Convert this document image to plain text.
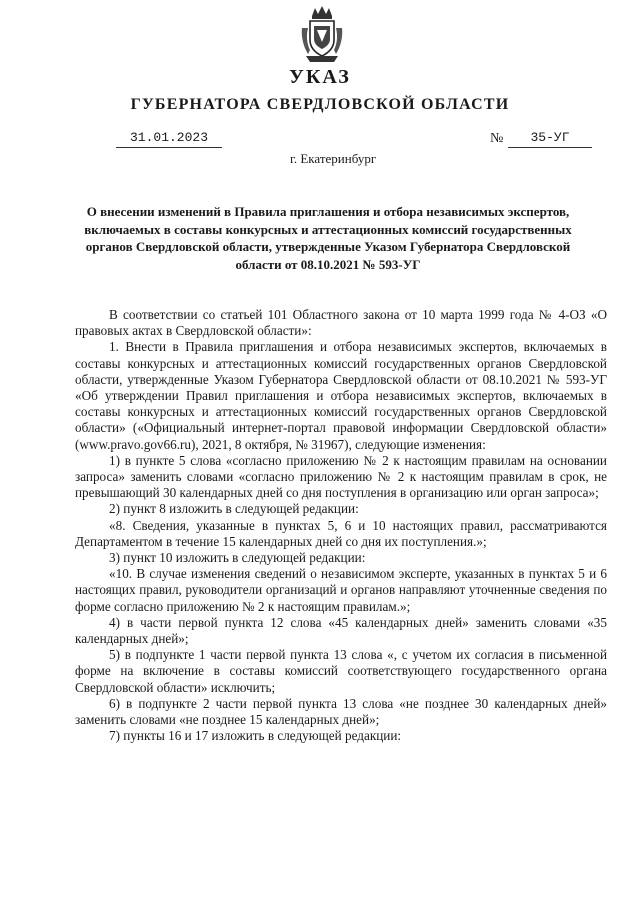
УКАЗ
ГУБЕРНАТОРА СВЕРДЛОВСКОЙ ОБЛАСТИ
31.01.2023	№	35-УГ
г. Екатеринбург
О внесении изменений в Правила приглашения и отбора независимых экспертов, включаемых в составы конкурсных и аттестационных комиссий государственных органов Свердловской области, утвержденные Указом Губернатора Свердловской области от 08.10.2021 № 593-УГ

В соответствии со статьей 101 Областного закона от 10 марта 1999 года № 4-ОЗ «О правовых актах в Свердловской области»:

1. Внести в Правила приглашения и отбора независимых экспертов, включаемых в составы конкурсных и аттестационных комиссий государственных органов Свердловской области, утвержденные Указом Губернатора Свердловской области от 08.10.2021 № 593-УГ «Об утверждении Правил приглашения и отбора независимых экспертов, включаемых в составы конкурсных и аттестационных комиссий государственных органов Свердловской области» («Официальный интернет-портал правовой информации Свердловской области» (www.pravo.gov66.ru), 2021, 8 октября, № 31967), следующие изменения:

1) в пункте 5 слова «согласно приложению № 2 к настоящим правилам на основании запроса» заменить словами «согласно приложению № 2 к настоящим правилам в срок, не превышающий 30 календарных дней со дня поступления в организацию или орган запроса»;

2) пункт 8 изложить в следующей редакции:

«8. Сведения, указанные в пунктах 5, 6 и 10 настоящих правил, рассматриваются Департаментом в течение 15 календарных дней со дня их поступления.»;

3) пункт 10 изложить в следующей редакции:

«10. В случае изменения сведений о независимом эксперте, указанных в пунктах 5 и 6 настоящих правил, руководители организаций и органов направляют уточненные сведения по форме согласно приложению № 2 к настоящим правилам.»;

4) в части первой пункта 12 слова «45 календарных дней» заменить словами «35 календарных дней»;

5) в подпункте 1 части первой пункта 13 слова «, с учетом их согласия в письменной форме на включение в составы комиссий соответствующего государственного органа Свердловской области» исключить;

6) в подпункте 2 части первой пункта 13 слова «не позднее 30 календарных дней» заменить словами «не позднее 15 календарных дней»;

7) пункты 16 и 17 изложить в следующей редакции:
